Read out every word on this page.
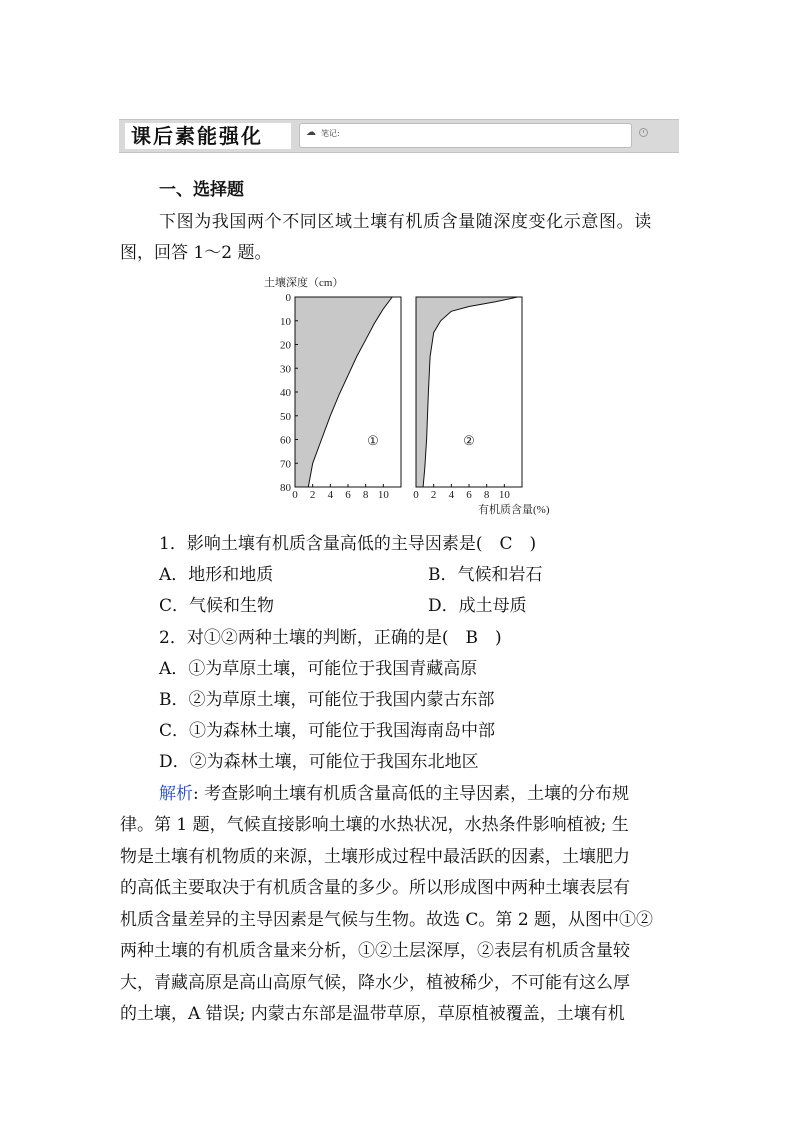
课后素能强化	☁ 笔记:
一、选择题
下图为我国两个不同区域土壤有机质含量随深度变化示意图。读
图，回答 1～2 题。
土壤深度（cm）
0 2 4 6 8 10
①
0 2 4 6 8 10
②
0
10
20
30
40
50
60
70
80
有机质含量(%)
1．影响土壤有机质含量高低的主导因素是(　C　)
A．地形和地质	B．气候和岩石
C．气候和生物	D．成土母质
2．对①②两种土壤的判断，正确的是(　B　)
A．①为草原土壤，可能位于我国青藏高原
B．②为草原土壤，可能位于我国内蒙古东部
C．①为森林土壤，可能位于我国海南岛中部
D．②为森林土壤，可能位于我国东北地区
解析: 考查影响土壤有机质含量高低的主导因素，土壤的分布规
律。第 1 题，气候直接影响土壤的水热状况，水热条件影响植被; 生
物是土壤有机物质的来源，土壤形成过程中最活跃的因素，土壤肥力
的高低主要取决于有机质含量的多少。所以形成图中两种土壤表层有
机质含量差异的主导因素是气候与生物。故选 C。第 2 题，从图中①②
两种土壤的有机质含量来分析，①②土层深厚，②表层有机质含量较
大，青藏高原是高山高原气候，降水少，植被稀少，不可能有这么厚
的土壤，A 错误; 内蒙古东部是温带草原，草原植被覆盖，土壤有机
